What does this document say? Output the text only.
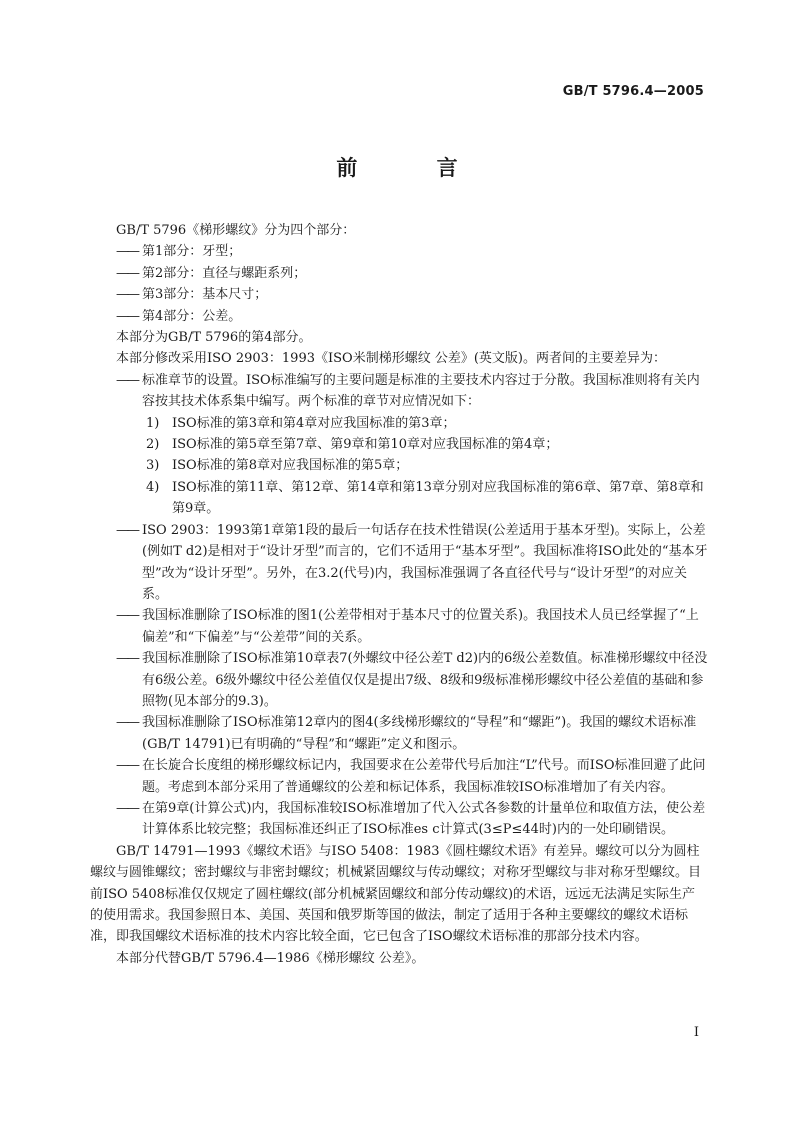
GB/T 5796.4—2005
前 言

GB/T 5796《梯形螺纹》分为四个部分：

—— 第1部分：牙型；

—— 第2部分：直径与螺距系列；

—— 第3部分：基本尺寸；

—— 第4部分：公差。

本部分为GB/T 5796的第4部分。

本部分修改采用ISO 2903：1993《ISO米制梯形螺纹 公差》(英文版)。两者间的主要差异为：

—— 标准章节的设置。ISO标准编写的主要问题是标准的主要技术内容过于分散。我国标准则将有关内容按其技术体系集中编写。两个标准的章节对应情况如下：

1) ISO标准的第3章和第4章对应我国标准的第3章；

2) ISO标准的第5章至第7章、第9章和第10章对应我国标准的第4章；

3) ISO标准的第8章对应我国标准的第5章；

4) ISO标准的第11章、第12章、第14章和第13章分别对应我国标准的第6章、第7章、第8章和第9章。

—— ISO 2903：1993第1章第1段的最后一句话存在技术性错误(公差适用于基本牙型)。实际上，公差(例如T d2)是相对于“设计牙型”而言的，它们不适用于“基本牙型”。我国标准将ISO此处的“基本牙型”改为“设计牙型”。另外，在3.2(代号)内，我国标准强调了各直径代号与“设计牙型”的对应关系。

—— 我国标准删除了ISO标准的图1(公差带相对于基本尺寸的位置关系)。我国技术人员已经掌握了“上偏差”和“下偏差”与“公差带”间的关系。

—— 我国标准删除了ISO标准第10章表7(外螺纹中径公差T d2)内的6级公差数值。标准梯形螺纹中径没有6级公差。6级外螺纹中径公差值仅仅是提出7级、8级和9级标准梯形螺纹中径公差值的基础和参照物(见本部分的9.3)。

—— 我国标准删除了ISO标准第12章内的图4(多线梯形螺纹的“导程”和“螺距”)。我国的螺纹术语标准(GB/T 14791)已有明确的“导程”和“螺距”定义和图示。

—— 在长旋合长度组的梯形螺纹标记内，我国要求在公差带代号后加注“L”代号。而ISO标准回避了此问题。考虑到本部分采用了普通螺纹的公差和标记体系，我国标准较ISO标准增加了有关内容。

—— 在第9章(计算公式)内，我国标准较ISO标准增加了代入公式各参数的计量单位和取值方法，使公差计算体系比较完整；我国标准还纠正了ISO标准es c计算式(3≤P≤44时)内的一处印刷错误。

GB/T 14791—1993《螺纹术语》与ISO 5408：1983《圆柱螺纹术语》有差异。螺纹可以分为圆柱螺纹与圆锥螺纹；密封螺纹与非密封螺纹；机械紧固螺纹与传动螺纹；对称牙型螺纹与非对称牙型螺纹。目前ISO 5408标准仅仅规定了圆柱螺纹(部分机械紧固螺纹和部分传动螺纹)的术语，远远无法满足实际生产的使用需求。我国参照日本、美国、英国和俄罗斯等国的做法，制定了适用于各种主要螺纹的螺纹术语标准，即我国螺纹术语标准的技术内容比较全面，它已包含了ISO螺纹术语标准的那部分技术内容。

本部分代替GB/T 5796.4—1986《梯形螺纹 公差》。

I
